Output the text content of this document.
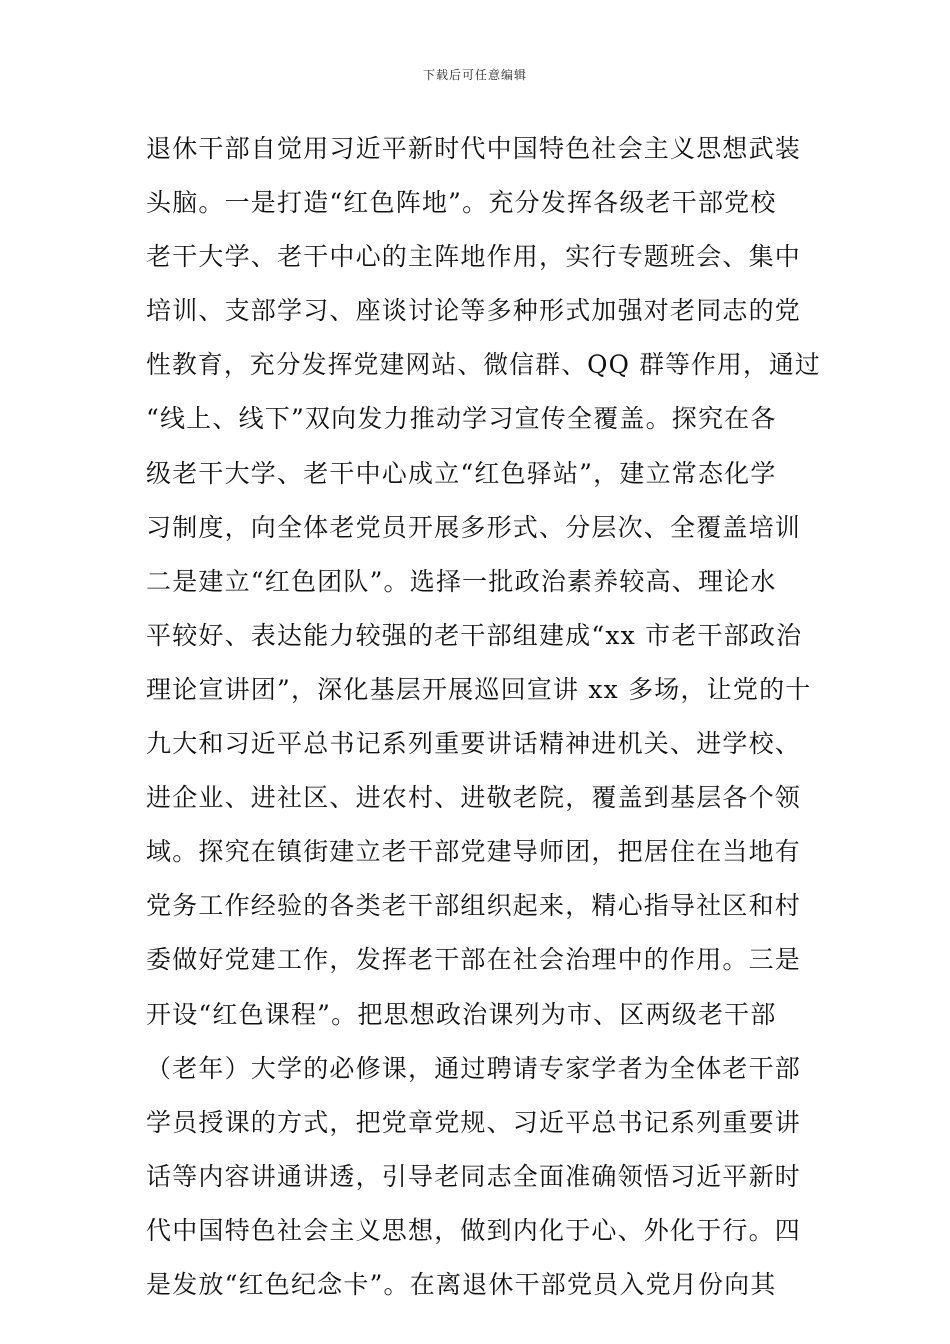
下载后可任意编辑
退休干部自觉用习近平新时代中国特色社会主义思想武装
头脑。一是打造“红色阵地”。充分发挥各级老干部党校
老干大学、老干中心的主阵地作用，实行专题班会、集中
培训、支部学习、座谈讨论等多种形式加强对老同志的党
性教育，充分发挥党建网站、微信群、QQ 群等作用，通过
“线上、线下”双向发力推动学习宣传全覆盖。探究在各
级老干大学、老干中心成立“红色驿站”，建立常态化学
习制度，向全体老党员开展多形式、分层次、全覆盖培训
二是建立“红色团队”。选择一批政治素养较高、理论水
平较好、表达能力较强的老干部组建成“xx 市老干部政治
理论宣讲团”，深化基层开展巡回宣讲 xx 多场，让党的十
九大和习近平总书记系列重要讲话精神进机关、进学校、
进企业、进社区、进农村、进敬老院，覆盖到基层各个领
域。探究在镇街建立老干部党建导师团，把居住在当地有
党务工作经验的各类老干部组织起来，精心指导社区和村
委做好党建工作，发挥老干部在社会治理中的作用。三是
开设“红色课程”。把思想政治课列为市、区两级老干部
（老年）大学的必修课，通过聘请专家学者为全体老干部
学员授课的方式，把党章党规、习近平总书记系列重要讲
话等内容讲通讲透，引导老同志全面准确领悟习近平新时
代中国特色社会主义思想，做到内化于心、外化于行。四
是发放“红色纪念卡”。在离退休干部党员入党月份向其
